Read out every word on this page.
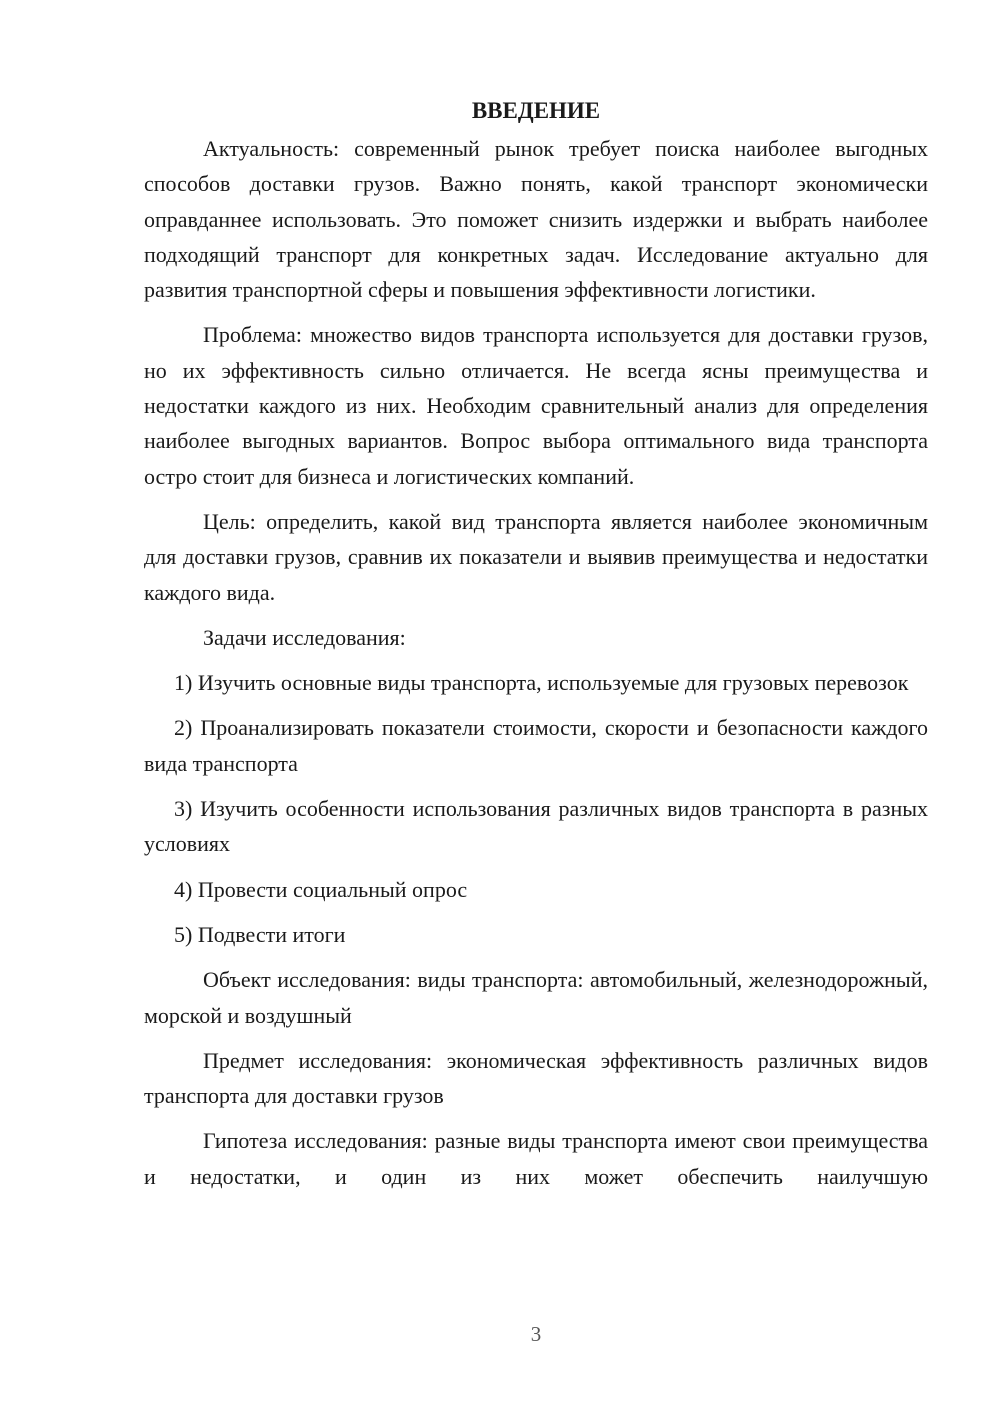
ВВЕДЕНИЕ

Актуальность: современный рынок требует поиска наиболее выгодных способов доставки грузов. Важно понять, какой транспорт экономически оправданнее использовать. Это поможет снизить издержки и выбрать наиболее подходящий транспорт для конкретных задач. Исследование актуально для развития транспортной сферы и повышения эффективности логистики.

Проблема: множество видов транспорта используется для доставки грузов, но их эффективность сильно отличается. Не всегда ясны преимущества и недостатки каждого из них. Необходим сравнительный анализ для определения наиболее выгодных вариантов. Вопрос выбора оптимального вида транспорта остро стоит для бизнеса и логистических компаний.

Цель: определить, какой вид транспорта является наиболее экономичным для доставки грузов, сравнив их показатели и выявив преимущества и недостатки каждого вида.

Задачи исследования:

1) Изучить основные виды транспорта, используемые для грузовых перевозок

2) Проанализировать показатели стоимости, скорости и безопасности каждого вида транспорта

3) Изучить особенности использования различных видов транспорта в разных условиях

4) Провести социальный опрос

5) Подвести итоги

Объект исследования: виды транспорта: автомобильный, железнодорожный, морской и воздушный

Предмет исследования: экономическая эффективность различных видов транспорта для доставки грузов

Гипотеза исследования: разные виды транспорта имеют свои преимущества и недостатки, и один из них может обеспечить наилучшую

3
